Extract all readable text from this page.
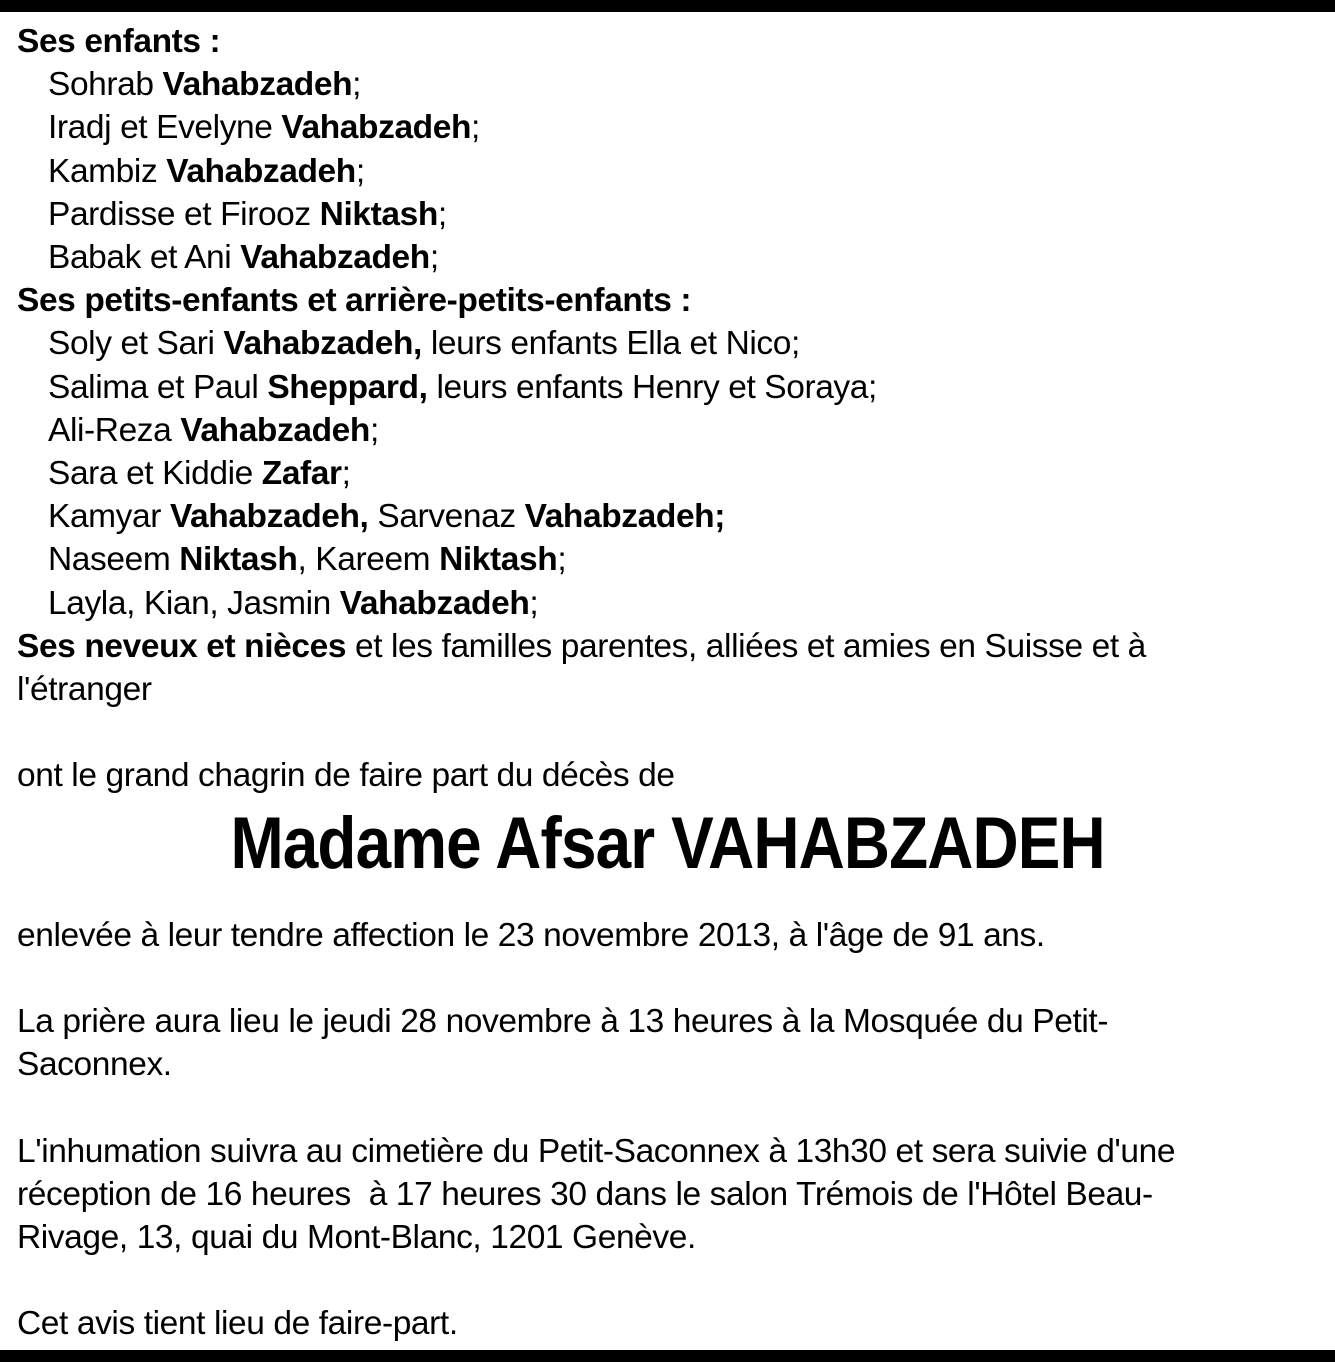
Ses enfants :
Sohrab Vahabzadeh;
Iradj et Evelyne Vahabzadeh;
Kambiz Vahabzadeh;
Pardisse et Firooz Niktash;
Babak et Ani Vahabzadeh;
Ses petits-enfants et arrière-petits-enfants :
Soly et Sari Vahabzadeh, leurs enfants Ella et Nico;
Salima et Paul Sheppard, leurs enfants Henry et Soraya;
Ali-Reza Vahabzadeh;
Sara et Kiddie Zafar;
Kamyar Vahabzadeh, Sarvenaz Vahabzadeh;
Naseem Niktash, Kareem Niktash;
Layla, Kian, Jasmin Vahabzadeh;
Ses neveux et nièces et les familles parentes, alliées et amies en Suisse et à
l'étranger
ont le grand chagrin de faire part du décès de
Madame Afsar VAHABZADEH
enlevée à leur tendre affection le 23 novembre 2013, à l'âge de 91 ans.
La prière aura lieu le jeudi 28 novembre à 13 heures à la Mosquée du Petit-
Saconnex.
L'inhumation suivra au cimetière du Petit-Saconnex à 13h30 et sera suivie d'une
réception de 16 heures  à 17 heures 30 dans le salon Trémois de l'Hôtel Beau-
Rivage, 13, quai du Mont-Blanc, 1201 Genève.
Cet avis tient lieu de faire-part.
